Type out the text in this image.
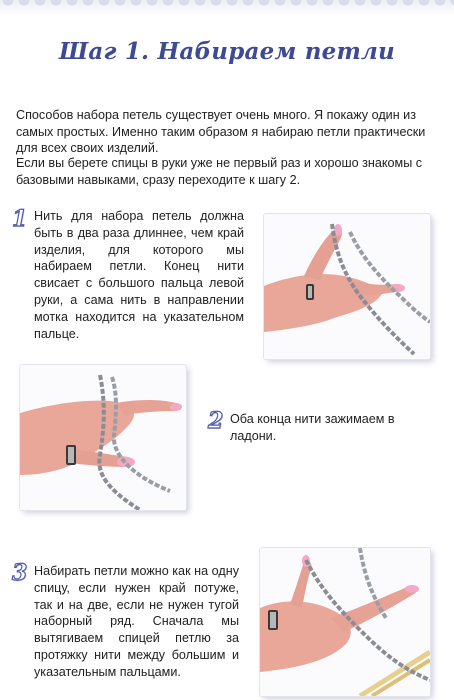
Шаг 1. Набираем петли
Способов набора петель существует очень много. Я покажу один из самых простых. Именно таким образом я набираю петли практически для всех своих изделий.
Если вы берете спицы в руки уже не первый раз и хорошо знакомы с базовыми навыками, сразу переходите к шагу 2.
1 Нить для набора петель должна быть в два раза длиннее, чем край изделия, для которого мы набираем петли. Конец нити свисает с большого пальца левой руки, а сама нить в направлении мотка находится на указательном пальце.
2 Оба конца нити зажимаем в ладони.
3 Набирать петли можно как на одну спицу, если нужен край потуже, так и на две, если не нужен тугой наборный ряд. Сначала мы вытягиваем спицей петлю за протяжку нити между большим и указательным пальцами.
